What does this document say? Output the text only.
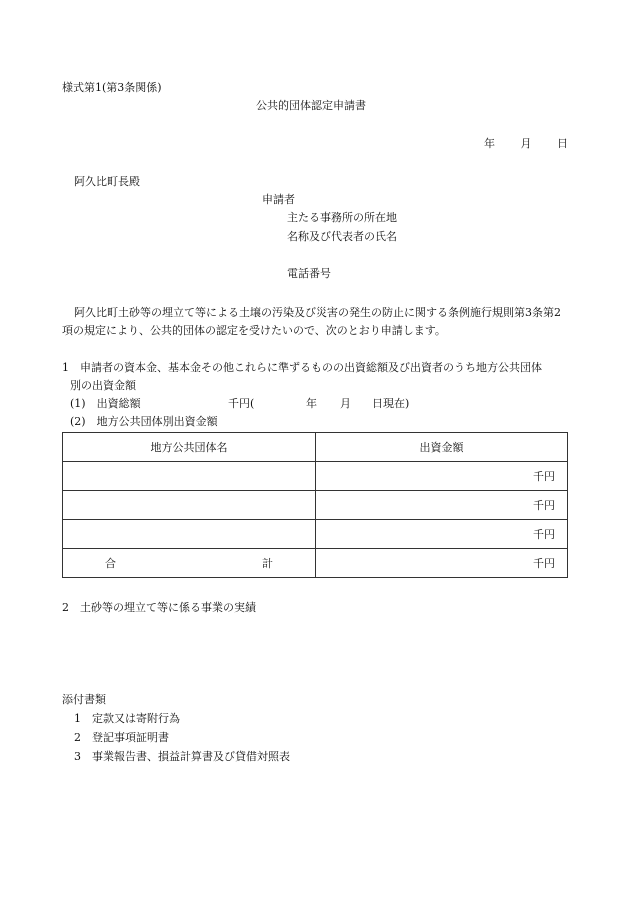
様式第1(第3条関係)
公共的団体認定申請書
年 月 日
阿久比町長殿
申請者
主たる事務所の所在地
名称及び代表者の氏名
電話番号
阿久比町土砂等の埋立て等による土壌の汚染及び災害の発生の防止に関する条例施行規則第3条第2項の規定により、公共的団体の認定を受けたいので、次のとおり申請します。
1　申請者の資本金、基本金その他これらに準ずるものの出資総額及び出資者のうち地方公共団体
別の出資金額
(1)　出資総額	千円(	年 月 日現在)
(2)　地方公共団体別出資金額
地方公共団体名	出資金額
	千円
	千円
	千円

合 計	千円
2　土砂等の埋立て等に係る事業の実績
添付書類
1　定款又は寄附行為
2　登記事項証明書
3　事業報告書、損益計算書及び貸借対照表
